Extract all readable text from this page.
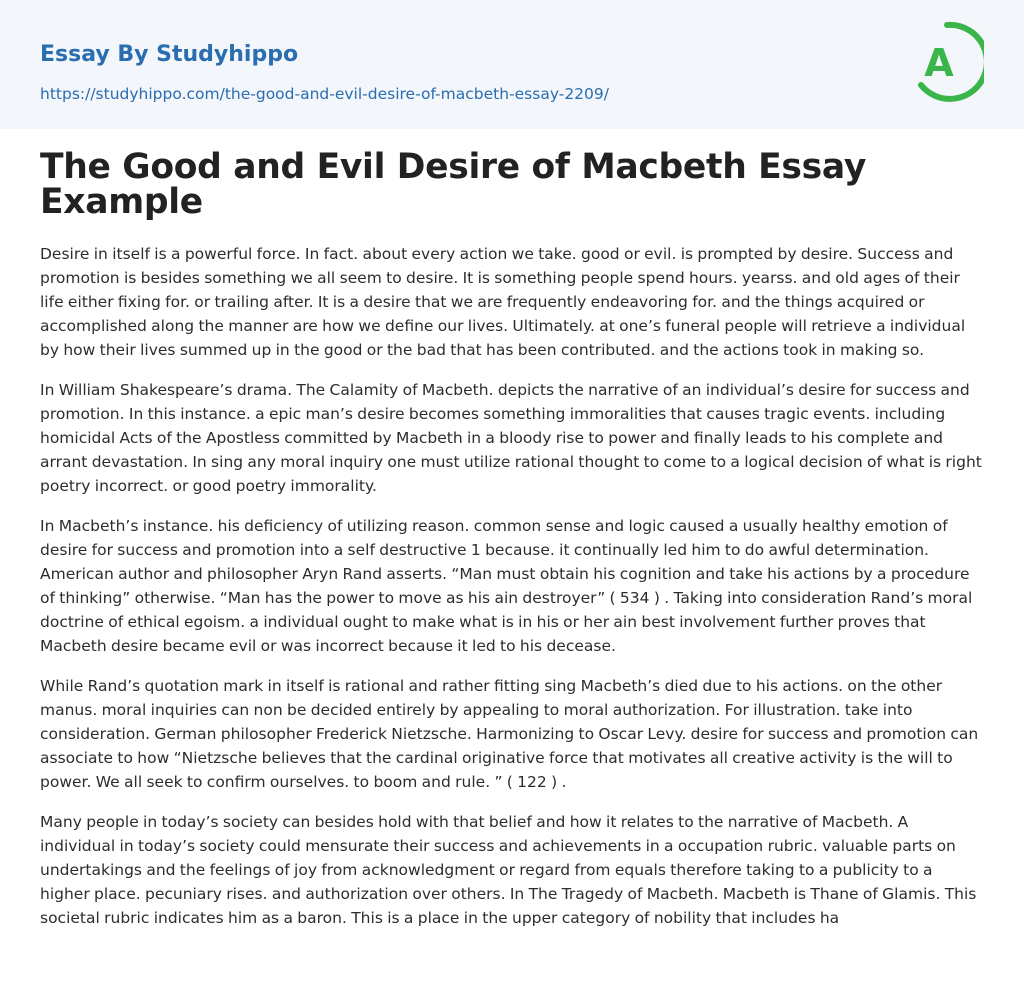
Essay By Studyhippo
https://studyhippo.com/the-good-and-evil-desire-of-macbeth-essay-2209/
A
The Good and Evil Desire of Macbeth Essay Example

Desire in itself is a powerful force. In fact. about every action we take. good or evil. is prompted by desire. Success and promotion is besides something we all seem to desire. It is something people spend hours. yearss. and old ages of their life either fixing for. or trailing after. It is a desire that we are frequently endeavoring for. and the things acquired or accomplished along the manner are how we define our lives. Ultimately. at one’s funeral people will retrieve a individual by how their lives summed up in the good or the bad that has been contributed. and the actions took in making so.

In William Shakespeare’s drama. The Calamity of Macbeth. depicts the narrative of an individual’s desire for success and promotion. In this instance. a epic man’s desire becomes something immoralities that causes tragic events. including homicidal Acts of the Apostless committed by Macbeth in a bloody rise to power and finally leads to his complete and arrant devastation. In sing any moral inquiry one must utilize rational thought to come to a logical decision of what is right poetry incorrect. or good poetry immorality.

In Macbeth’s instance. his deficiency of utilizing reason. common sense and logic caused a usually healthy emotion of desire for success and promotion into a self destructive 1 because. it continually led him to do awful determination. American author and philosopher Aryn Rand asserts. “Man must obtain his cognition and take his actions by a procedure of thinking” otherwise. “Man has the power to move as his ain destroyer” ( 534 ) . Taking into consideration Rand’s moral doctrine of ethical egoism. a individual ought to make what is in his or her ain best involvement further proves that Macbeth desire became evil or was incorrect because it led to his decease.

While Rand’s quotation mark in itself is rational and rather fitting sing Macbeth’s died due to his actions. on the other manus. moral inquiries can non be decided entirely by appealing to moral authorization. For illustration. take into consideration. German philosopher Frederick Nietzsche. Harmonizing to Oscar Levy. desire for success and promotion can associate to how “Nietzsche believes that the cardinal originative force that motivates all creative activity is the will to power. We all seek to confirm ourselves. to boom and rule. ” ( 122 ) .

Many people in today’s society can besides hold with that belief and how it relates to the narrative of Macbeth. A individual in today’s society could mensurate their success and achievements in a occupation rubric. valuable parts on undertakings and the feelings of joy from acknowledgment or regard from equals therefore taking to a publicity to a higher place. pecuniary rises. and authorization over others. In The Tragedy of Macbeth. Macbeth is Thane of Glamis. This societal rubric indicates him as a baron. This is a place in the upper category of nobility that includes ha
